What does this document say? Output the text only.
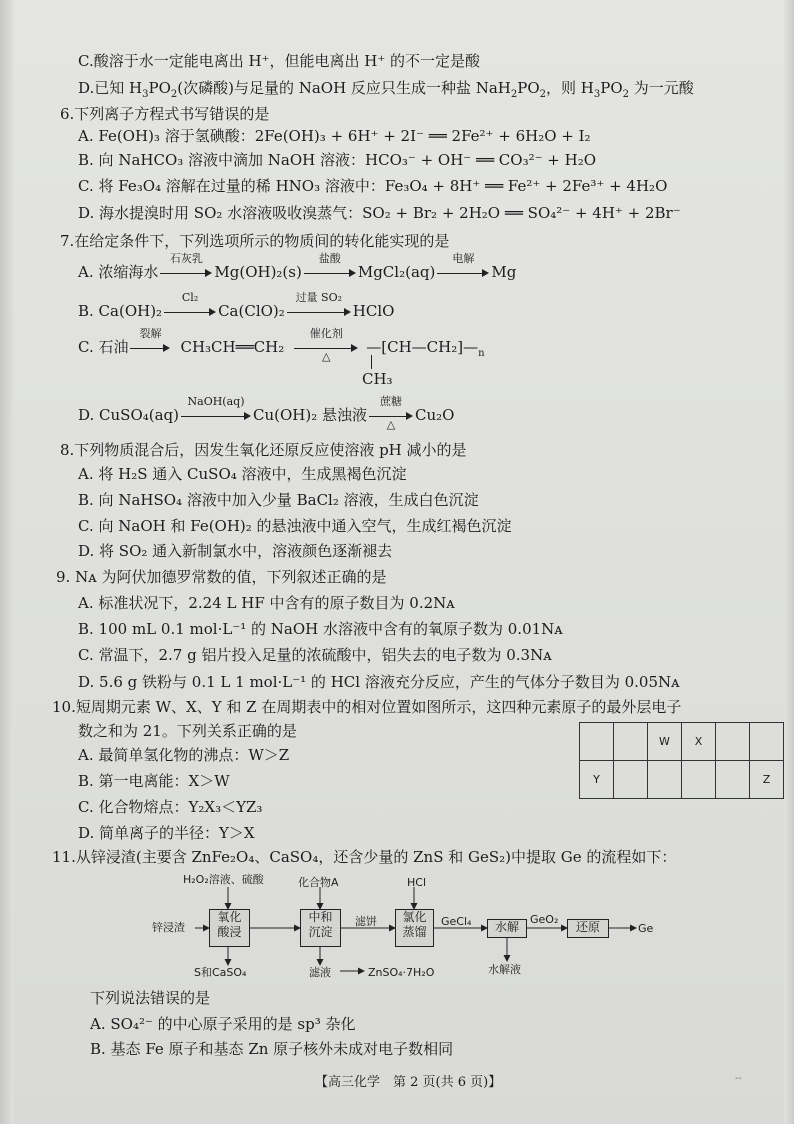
C.酸溶于水一定能电离出 H⁺，但能电离出 H⁺ 的不一定是酸
D.已知 $H_3PO_2$(次磷酸)与足量的 NaOH 反应只生成一种盐 $NaH_2PO_2$，则 $H_3PO_2$ 为一元酸
6.下列离子方程式书写错误的是
A. Fe(OH)₃ 溶于氢碘酸：2Fe(OH)₃ + 6H⁺ + 2I⁻ ══ 2Fe²⁺ + 6H₂O + I₂
B. 向 NaHCO₃ 溶液中滴加 NaOH 溶液：HCO₃⁻ + OH⁻ ══ CO₃²⁻ + H₂O
C. 将 Fe₃O₄ 溶解在过量的稀 HNO₃ 溶液中：Fe₃O₄ + 8H⁺ ══ Fe²⁺ + 2Fe³⁺ + 4H₂O
D. 海水提溴时用 SO₂ 水溶液吸收溴蒸气：SO₂ + Br₂ + 2H₂O ══ SO₄²⁻ + 4H⁺ + 2Br⁻
7.在给定条件下，下列选项所示的物质间的转化能实现的是
A. 浓缩海水
石灰乳
Mg(OH)₂(s)
盐酸
MgCl₂(aq)
电解
Mg
B. Ca(OH)₂
Cl₂
Ca(ClO)₂
过量 SO₂
HClO
C. 石油
裂解
CH₃CH══CH₂
催化剂
△
$—[CH—CH_2]—_n$
CH₃
D. CuSO₄(aq)
NaOH(aq)
Cu(OH)₂ 悬浊液
蔗糖
△
Cu₂O
8.下列物质混合后，因发生氧化还原反应使溶液 pH 减小的是
A. 将 H₂S 通入 CuSO₄ 溶液中，生成黑褐色沉淀
B. 向 NaHSO₄ 溶液中加入少量 BaCl₂ 溶液，生成白色沉淀
C. 向 NaOH 和 Fe(OH)₂ 的悬浊液中通入空气，生成红褐色沉淀
D. 将 SO₂ 通入新制氯水中，溶液颜色逐渐褪去
9. Nᴀ 为阿伏加德罗常数的值，下列叙述正确的是
A. 标准状况下，2.24 L HF 中含有的原子数目为 0.2Nᴀ
B. 100 mL 0.1 mol·L⁻¹ 的 NaOH 水溶液中含有的氧原子数为 0.01Nᴀ
C. 常温下，2.7 g 铝片投入足量的浓硫酸中，铝失去的电子数为 0.3Nᴀ
D. 5.6 g 铁粉与 0.1 L 1 mol·L⁻¹ 的 HCl 溶液充分反应，产生的气体分子数目为 0.05Nᴀ
10.短周期元素 W、X、Y 和 Z 在周期表中的相对位置如图所示，这四种元素原子的最外层电子
数之和为 21。下列关系正确的是
A. 最简单氢化物的沸点：W＞Z
B. 第一电离能：X＞W
C. 化合物熔点：Y₂X₃＜YZ₃
D. 简单离子的半径：Y＞X
		W	X		
Y					Z
11.从锌浸渣(主要含 ZnFe₂O₄、CaSO₄，还含少量的 ZnS 和 GeS₂)中提取 Ge 的流程如下：
H₂O₂溶液、硫酸	化合物A	HCl
锌浸渣
氧化
酸浸
中和
沉淀
滤饼	氯化
蒸馏
GeCl₄	水解
GeO₂
还原	Ge
S和CaSO₄	滤液	ZnSO₄·7H₂O	水解液
下列说法错误的是
A. SO₄²⁻ 的中心原子采用的是 sp³ 杂化
B. 基态 Fe 原子和基态 Zn 原子核外未成对电子数相同
【高三化学　第 2 页(共 6 页)】	--
